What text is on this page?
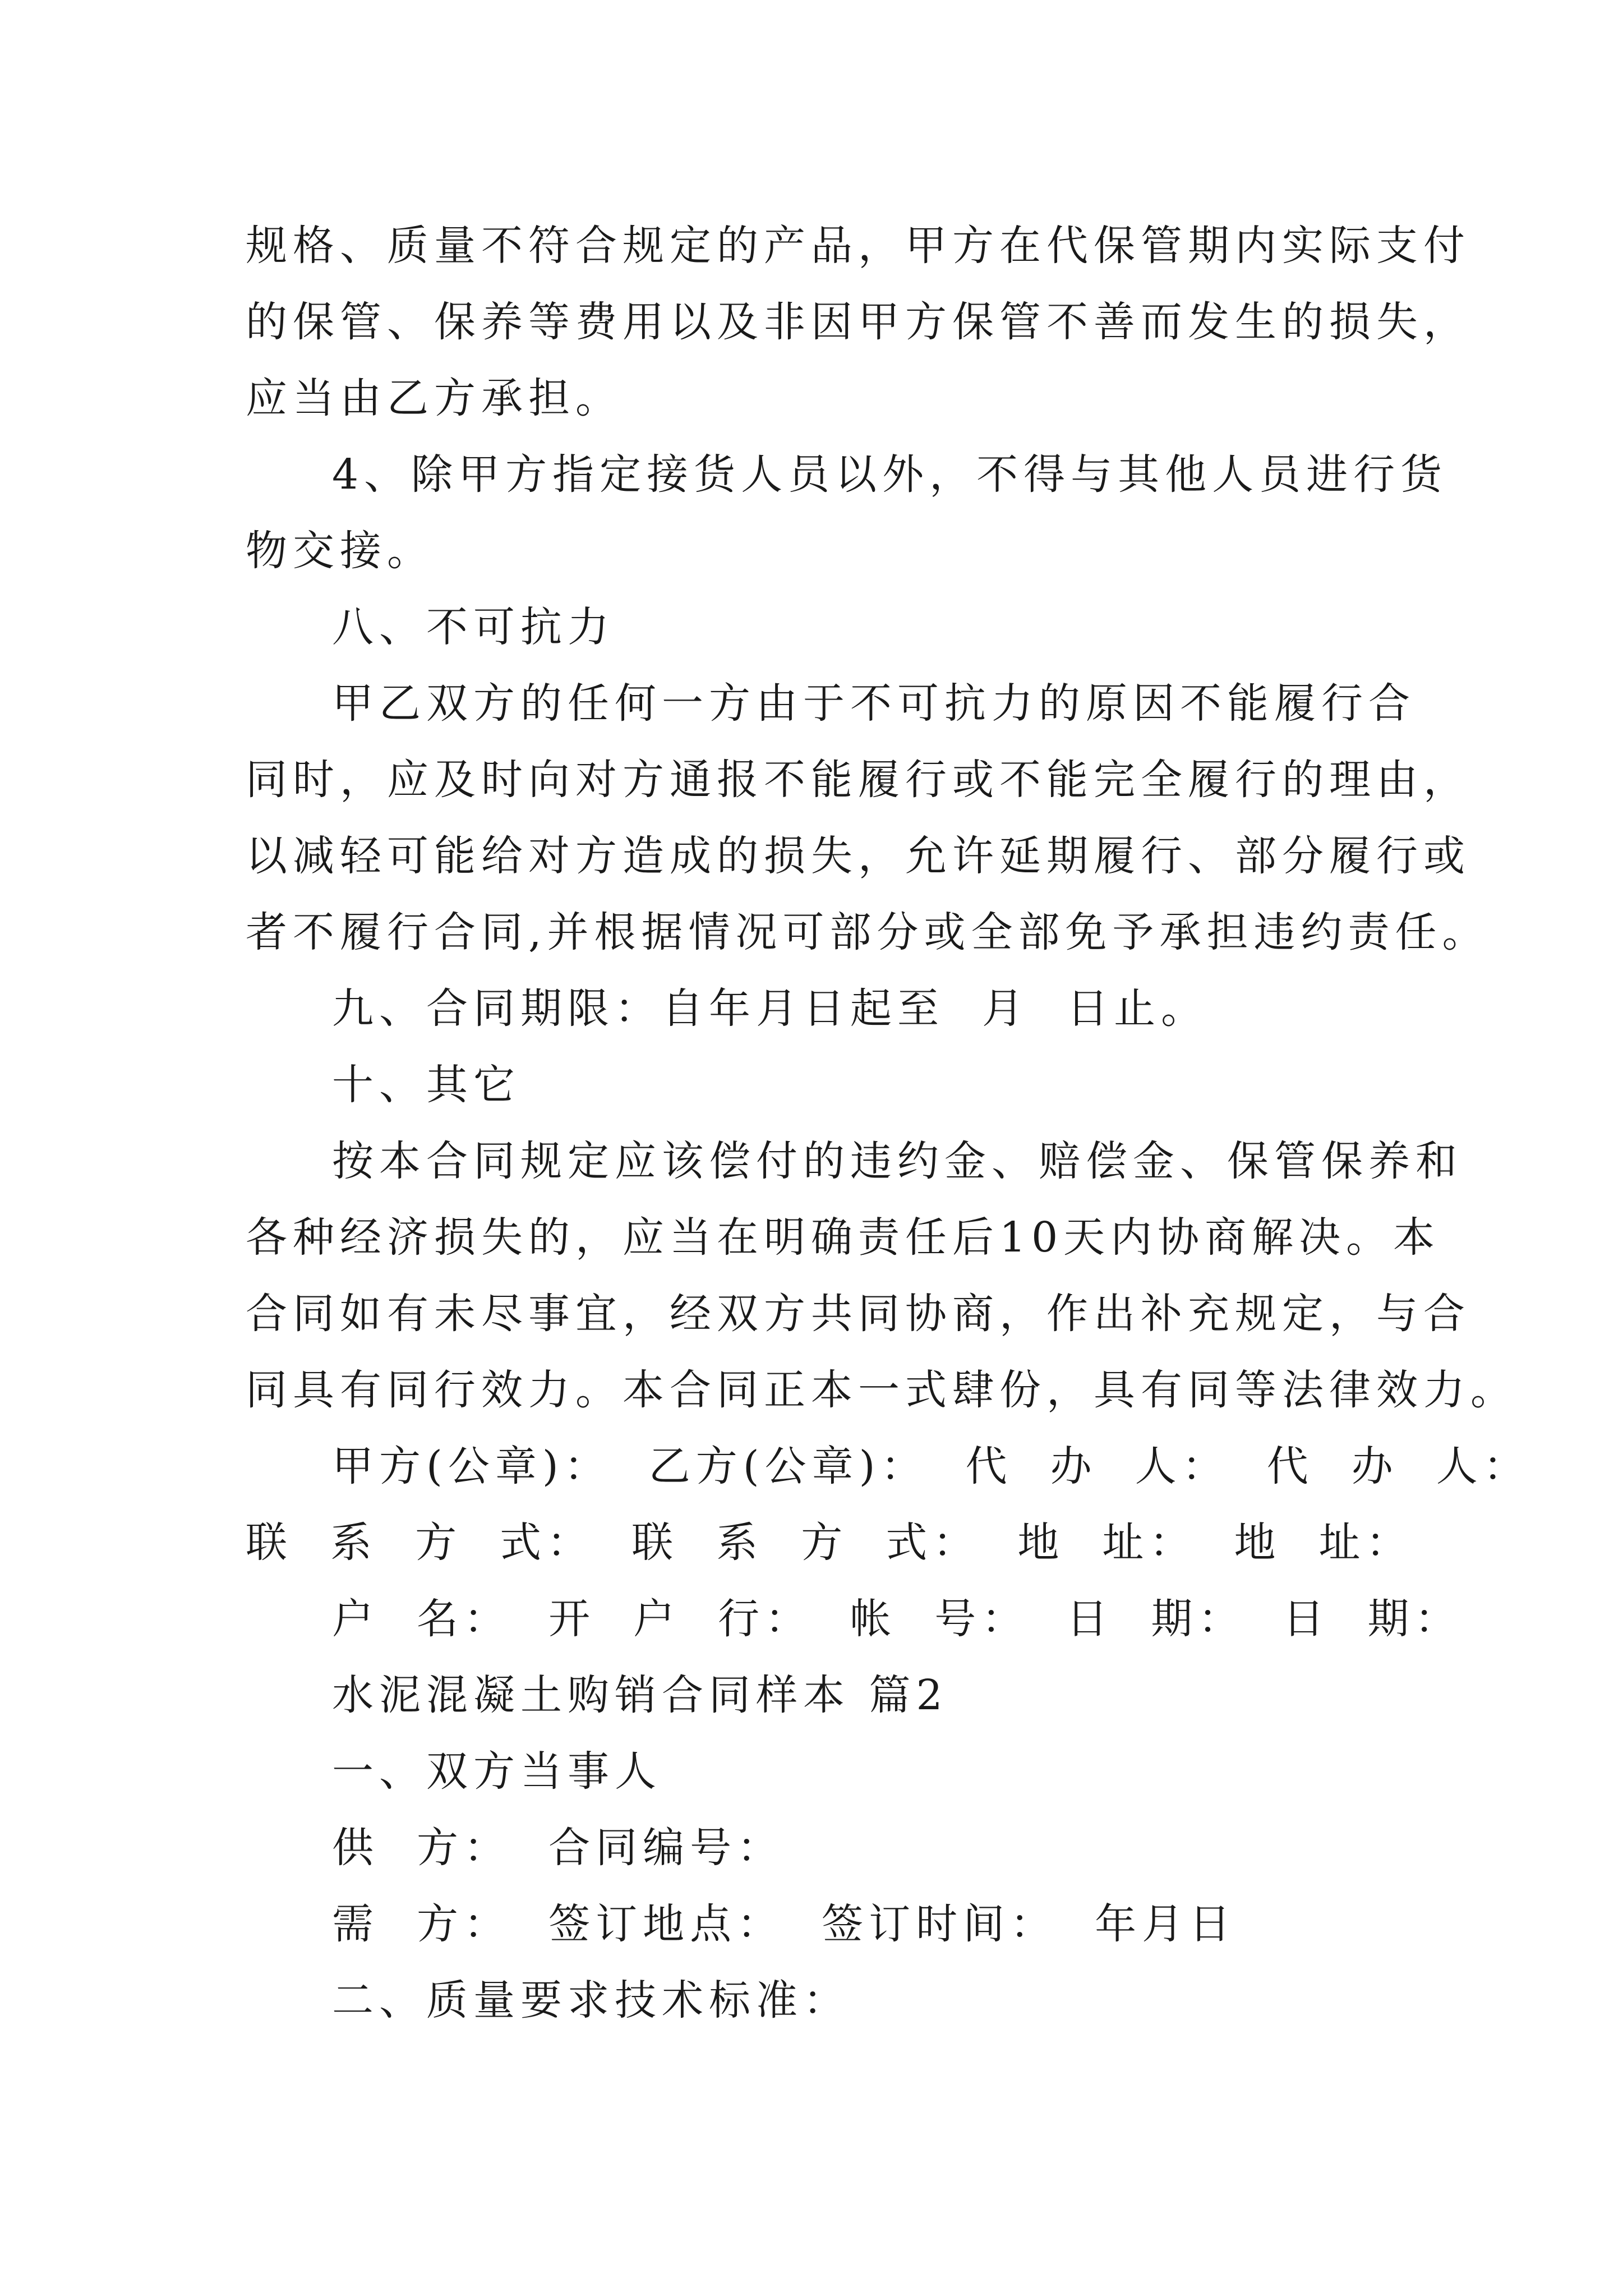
规格、质量不符合规定的产品，甲方在代保管期内实际支付
的保管、保养等费用以及非因甲方保管不善而发生的损失，
应当由乙方承担。
4、除甲方指定接货人员以外，不得与其他人员进行货
物交接。
八、不可抗力
甲乙双方的任何一方由于不可抗力的原因不能履行合
同时，应及时向对方通报不能履行或不能完全履行的理由，
以减轻可能给对方造成的损失，允许延期履行、部分履行或
者不履行合同,并根据情况可部分或全部免予承担违约责任。
九、合同期限：自年月日起至  月  日止。
十、其它
按本合同规定应该偿付的违约金、赔偿金、保管保养和
各种经济损失的，应当在明确责任后10天内协商解决。本
合同如有未尽事宜，经双方共同协商，作出补充规定，与合
同具有同行效力。本合同正本一式肆份，具有同等法律效力。
甲方(公章)：  乙方(公章)：  代  办  人：  代  办  人：
联  系  方  式：  联  系  方  式：  地  址：  地  址：
户  名：  开  户  行：  帐  号：  日  期：  日  期：
水泥混凝土购销合同样本 篇2
一、双方当事人
供  方：  合同编号：
需  方：  签订地点：  签订时间：  年月日
二、质量要求技术标准：
